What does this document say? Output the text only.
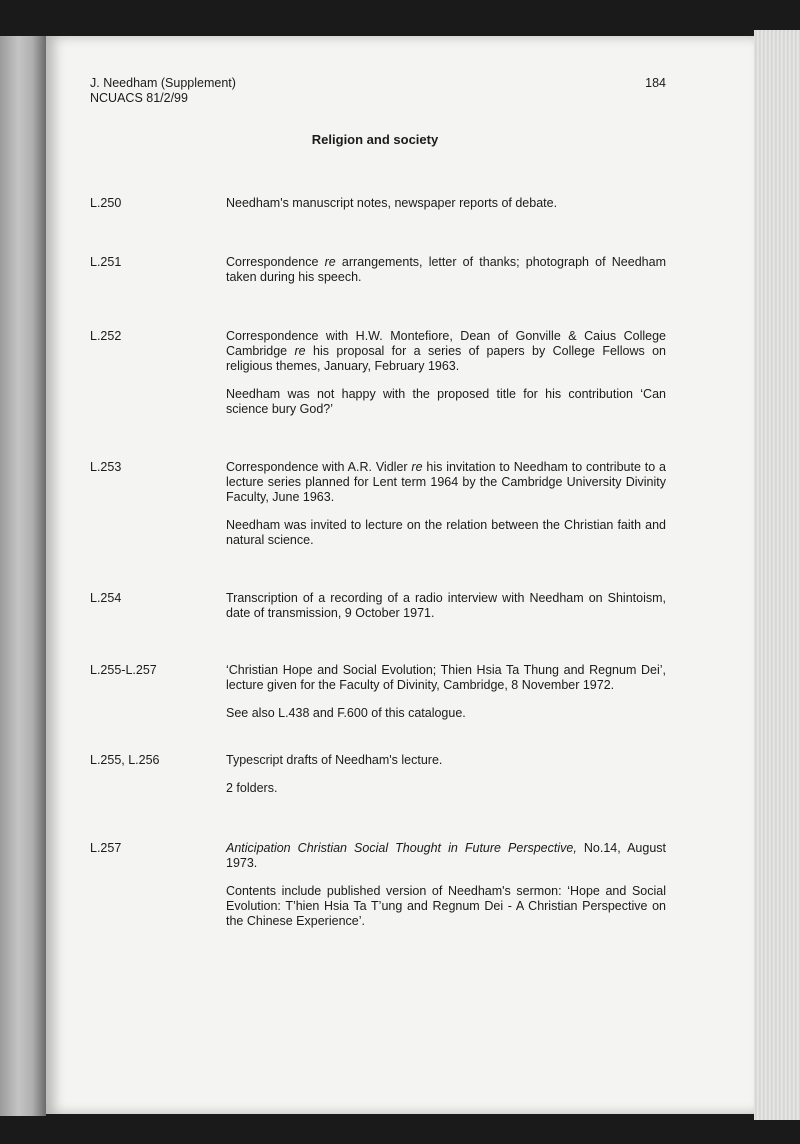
J. Needham (Supplement)
NCUACS 81/2/99
184
Religion and society
L.250	Needham's manuscript notes, newspaper reports of debate.

L.251	Correspondence re arrangements, letter of thanks; photograph of Needham taken during his speech.

L.252	Correspondence with H.W. Montefiore, Dean of Gonville & Caius College Cambridge re his proposal for a series of papers by College Fellows on religious themes, January, February 1963.

Needham was not happy with the proposed title for his contribution ‘Can science bury God?’

L.253	Correspondence with A.R. Vidler re his invitation to Needham to contribute to a lecture series planned for Lent term 1964 by the Cambridge University Divinity Faculty, June 1963.

Needham was invited to lecture on the relation between the Christian faith and natural science.

L.254	Transcription of a recording of a radio interview with Needham on Shintoism, date of transmission, 9 October 1971.

L.255-L.257	‘Christian Hope and Social Evolution; Thien Hsia Ta Thung and Regnum Dei’, lecture given for the Faculty of Divinity, Cambridge, 8 November 1972.

See also L.438 and F.600 of this catalogue.

L.255, L.256	Typescript drafts of Needham's lecture.

2 folders.

L.257	Anticipation Christian Social Thought in Future Perspective, No.14, August 1973.

Contents include published version of Needham's sermon: ‘Hope and Social Evolution: T’hien Hsia Ta T’ung and Regnum Dei - A Christian Perspective on the Chinese Experience’.
